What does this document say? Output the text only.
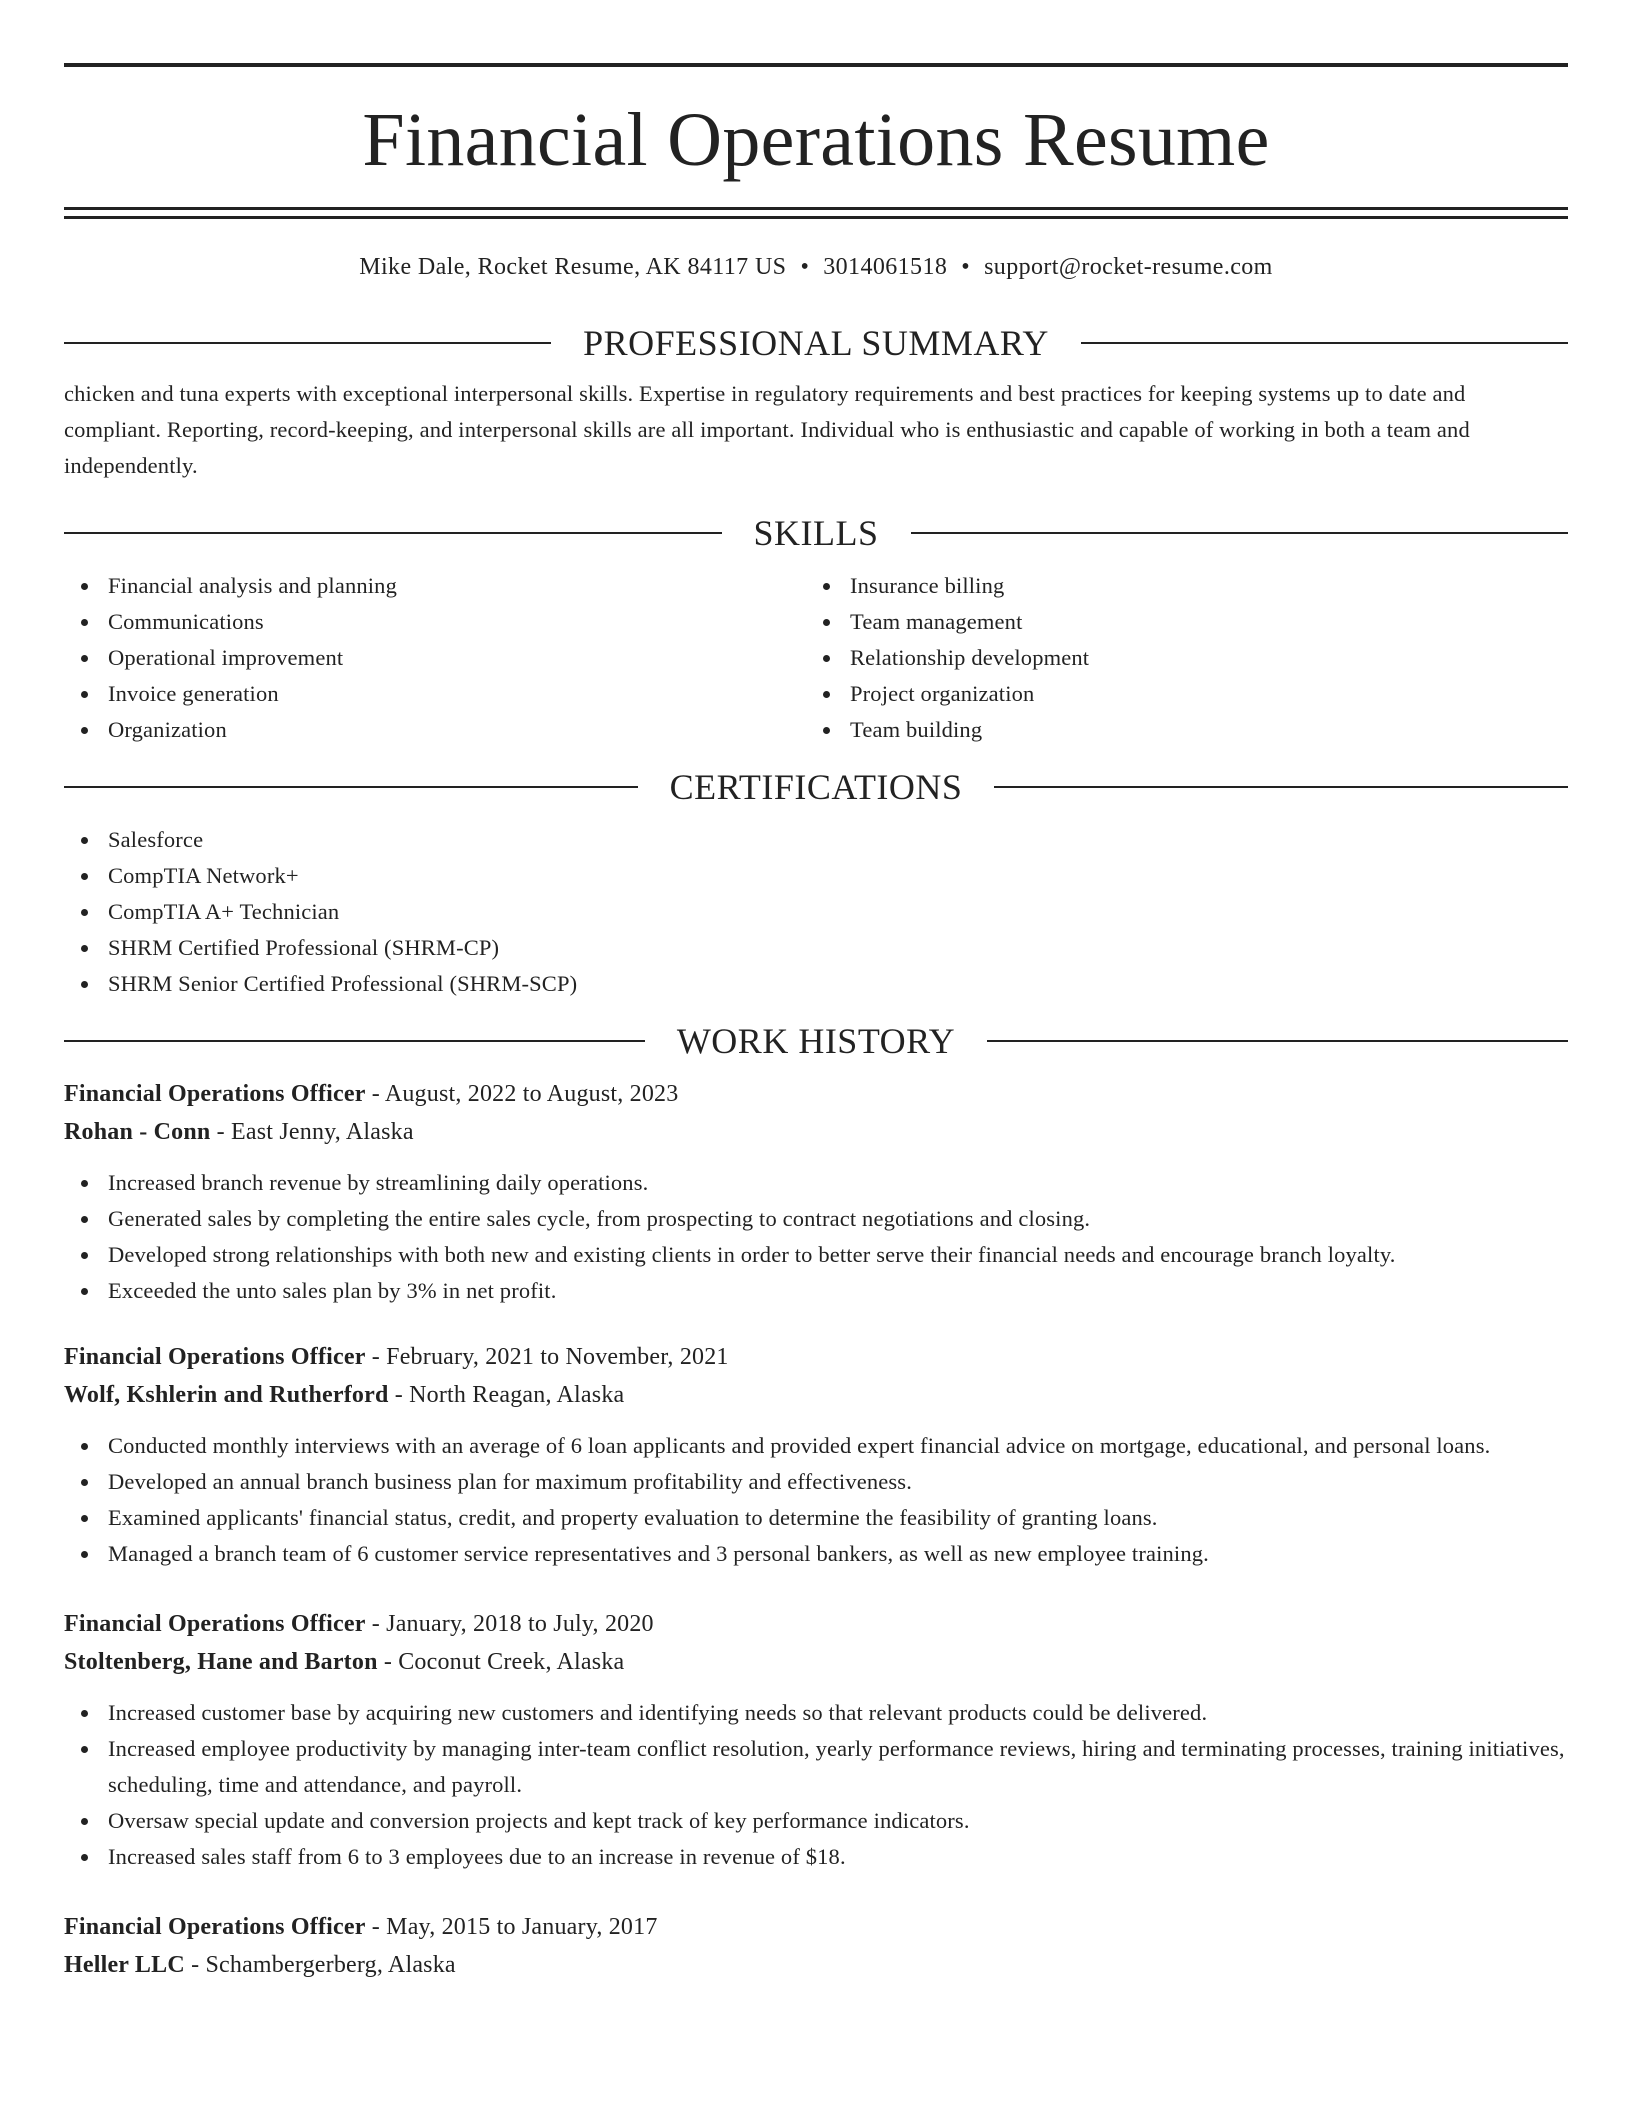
Financial Operations Resume
Mike Dale, Rocket Resume, AK 84117 US • 3014061518 • support@rocket-resume.com
PROFESSIONAL SUMMARY

chicken and tuna experts with exceptional interpersonal skills. Expertise in regulatory requirements and best practices for keeping systems up to date and compliant. Reporting, record-keeping, and interpersonal skills are all important. Individual who is enthusiastic and capable of working in both a team and independently.

SKILLS
Financial analysis and planning
Communications
Operational improvement
Invoice generation
Organization
Insurance billing
Team management
Relationship development
Project organization
Team building
CERTIFICATIONS
Salesforce
CompTIA Network+
CompTIA A+ Technician
SHRM Certified Professional (SHRM-CP)
SHRM Senior Certified Professional (SHRM-SCP)
WORK HISTORY
Financial Operations Officer - August, 2022 to August, 2023
Rohan - Conn - East Jenny, Alaska
Increased branch revenue by streamlining daily operations.
Generated sales by completing the entire sales cycle, from prospecting to contract negotiations and closing.
Developed strong relationships with both new and existing clients in order to better serve their financial needs and encourage branch loyalty.
Exceeded the unto sales plan by 3% in net profit.
Financial Operations Officer - February, 2021 to November, 2021
Wolf, Kshlerin and Rutherford - North Reagan, Alaska
Conducted monthly interviews with an average of 6 loan applicants and provided expert financial advice on mortgage, educational, and personal loans.
Developed an annual branch business plan for maximum profitability and effectiveness.
Examined applicants' financial status, credit, and property evaluation to determine the feasibility of granting loans.
Managed a branch team of 6 customer service representatives and 3 personal bankers, as well as new employee training.
Financial Operations Officer - January, 2018 to July, 2020
Stoltenberg, Hane and Barton - Coconut Creek, Alaska
Increased customer base by acquiring new customers and identifying needs so that relevant products could be delivered.
Increased employee productivity by managing inter-team conflict resolution, yearly performance reviews, hiring and terminating processes, training initiatives, scheduling, time and attendance, and payroll.
Oversaw special update and conversion projects and kept track of key performance indicators.
Increased sales staff from 6 to 3 employees due to an increase in revenue of $18.
Financial Operations Officer - May, 2015 to January, 2017
Heller LLC - Schambergerberg, Alaska
